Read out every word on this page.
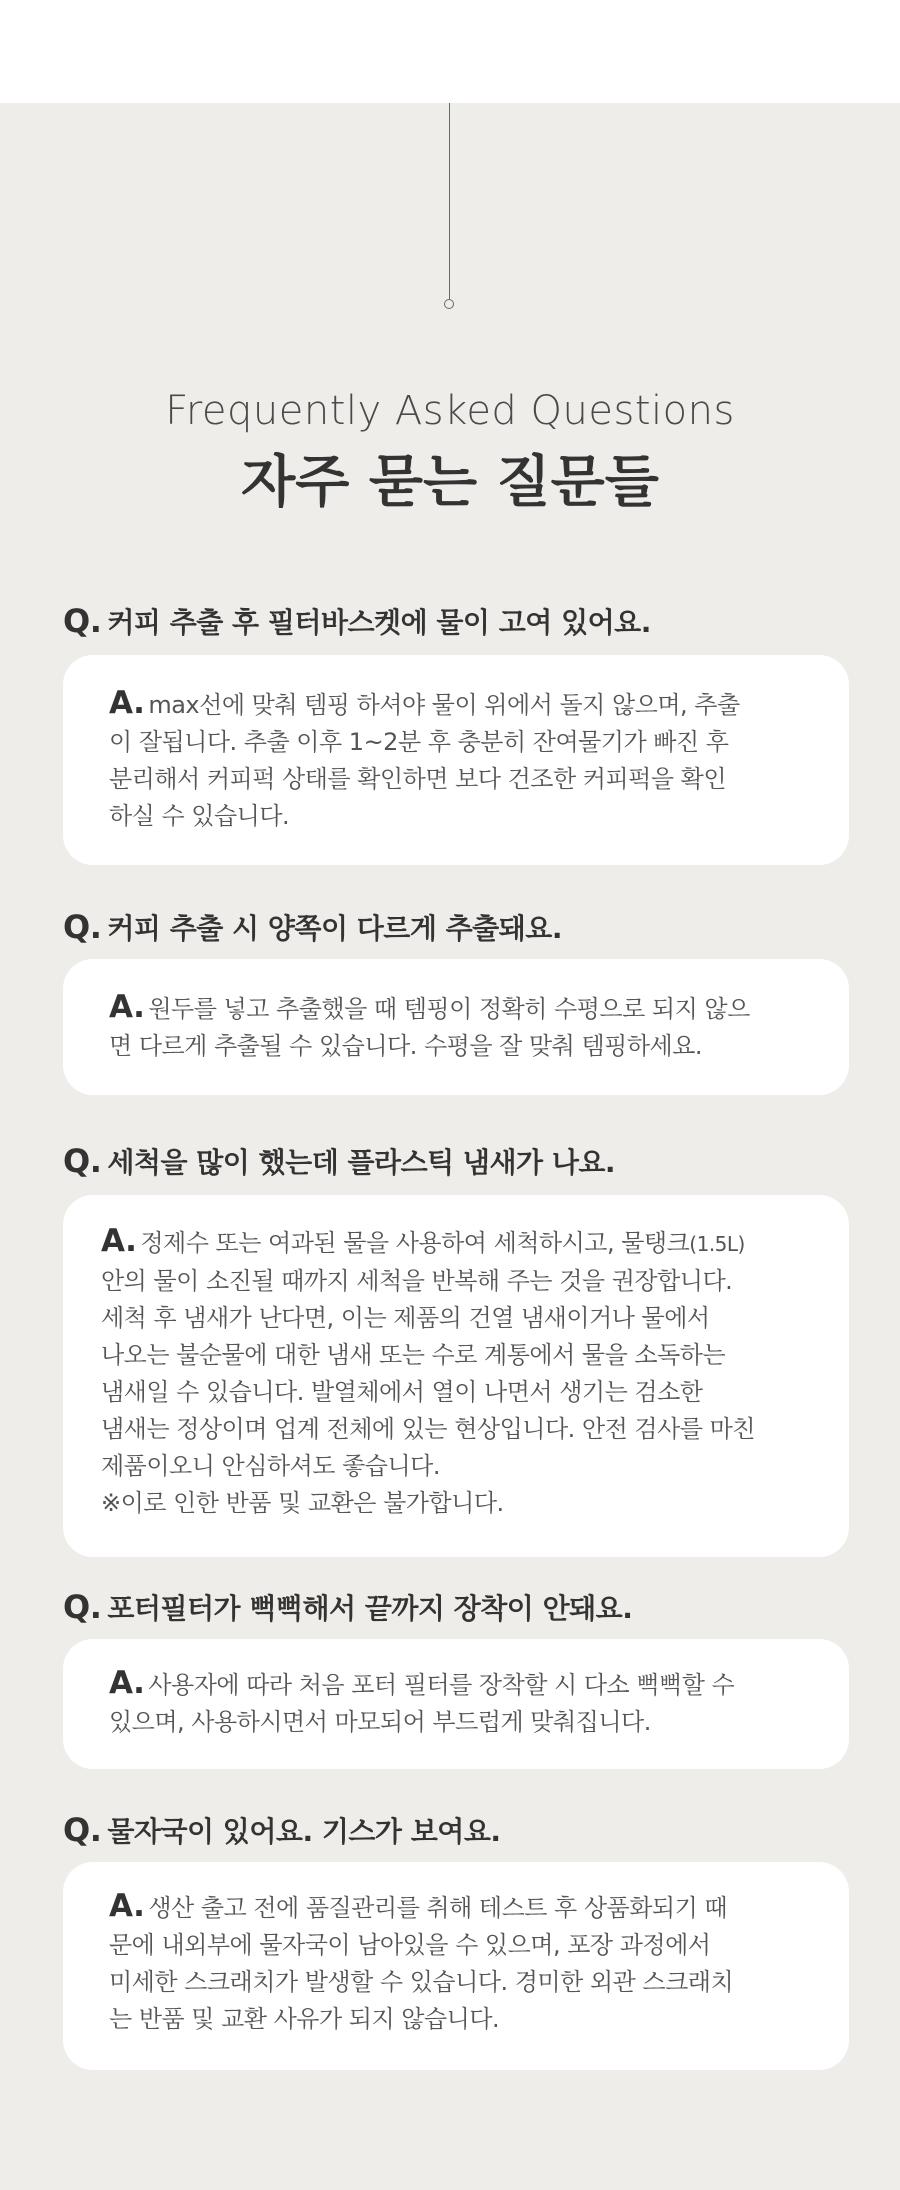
Frequently Asked Questions
자주 묻는 질문들
Q. 커피 추출 후 필터바스켓에 물이 고여 있어요.
A. max선에 맞춰 템핑 하셔야 물이 위에서 돌지 않으며, 추출
이 잘됩니다. 추출 이후 1~2분 후 충분히 잔여물기가 빠진 후
분리해서 커피퍽 상태를 확인하면 보다 건조한 커피퍽을 확인
하실 수 있습니다.
Q. 커피 추출 시 양쪽이 다르게 추출돼요.
A. 원두를 넣고 추출했을 때 템핑이 정확히 수평으로 되지 않으
면 다르게 추출될 수 있습니다. 수평을 잘 맞춰 템핑하세요.
Q. 세척을 많이 했는데 플라스틱 냄새가 나요.
A. 정제수 또는 여과된 물을 사용하여 세척하시고, 물탱크(1.5L)
안의 물이 소진될 때까지 세척을 반복해 주는 것을 권장합니다.
세척 후 냄새가 난다면, 이는 제품의 건열 냄새이거나 물에서
나오는 불순물에 대한 냄새 또는 수로 계통에서 물을 소독하는
냄새일 수 있습니다. 발열체에서 열이 나면서 생기는 검소한
냄새는 정상이며 업계 전체에 있는 현상입니다. 안전 검사를 마친
제품이오니 안심하셔도 좋습니다.
※이로 인한 반품 및 교환은 불가합니다.
Q. 포터필터가 뻑뻑해서 끝까지 장착이 안돼요.
A. 사용자에 따라 처음 포터 필터를 장착할 시 다소 뻑뻑할 수
있으며, 사용하시면서 마모되어 부드럽게 맞춰집니다.
Q. 물자국이 있어요. 기스가 보여요.
A. 생산 출고 전에 품질관리를 취해 테스트 후 상품화되기 때
문에 내외부에 물자국이 남아있을 수 있으며, 포장 과정에서
미세한 스크래치가 발생할 수 있습니다. 경미한 외관 스크래치
는 반품 및 교환 사유가 되지 않습니다.
